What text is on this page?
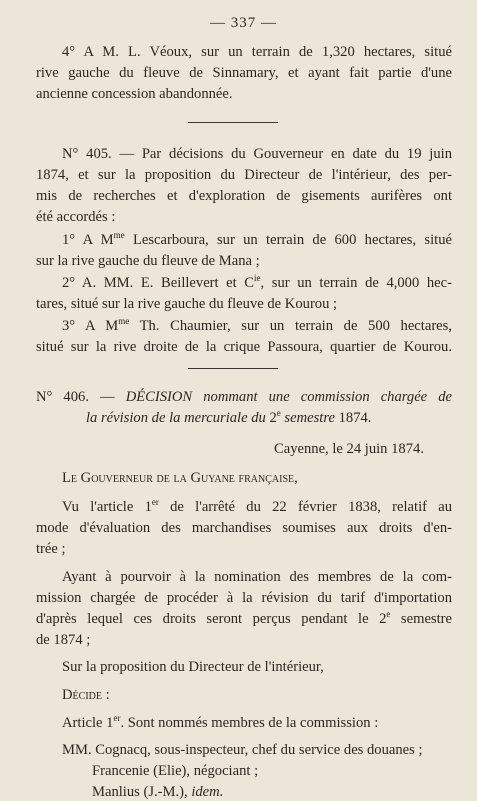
— 337 —
4° A M. L. Véoux, sur un terrain de 1,320 hectares, situé
rive gauche du fleuve de Sinnamary, et ayant fait partie d'une
ancienne concession abandonnée.
N° 405. — Par décisions du Gouverneur en date du 19 juin
1874, et sur la proposition du Directeur de l'intérieur, des per-
mis de recherches et d'exploration de gisements aurifères ont
été accordés :
1° A $M^{me}$ Lescarboura, sur un terrain de 600 hectares, situé
sur la rive gauche du fleuve de Mana ;
2° A. MM. E. Beillevert et $C^{ie}$, sur un terrain de 4,000 hec-
tares, situé sur la rive gauche du fleuve de Kourou ;
3° A $M^{me}$ Th. Chaumier, sur un terrain de 500 hectares,
situé sur la rive droite de la crique Passoura, quartier de Kourou.
N° 406. — DÉCISION nommant une commission chargée de
la révision de la mercuriale du 2e semestre 1874.
Cayenne, le 24 juin 1874.
Le Gouverneur de la Guyane française,
Vu l'article 1er de l'arrêté du 22 février 1838, relatif au
mode d'évaluation des marchandises soumises aux droits d'en-
trée ;
Ayant à pourvoir à la nomination des membres de la com-
mission chargée de procéder à la révision du tarif d'importation
d'après lequel ces droits seront perçus pendant le 2e semestre
de 1874 ;
Sur la proposition du Directeur de l'intérieur,
Décide :
Article 1er. Sont nommés membres de la commission :
MM. Cognacq, sous-inspecteur, chef du service des douanes ;
Francenie (Elie), négociant ;
Manlius (J.-M.), idem.
